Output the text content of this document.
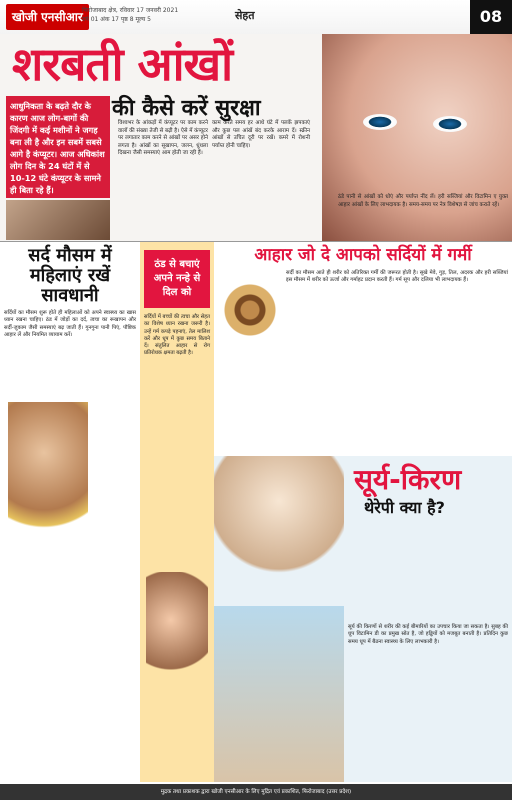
खोजी एनसीआर फिरोजाबाद क्षेत्र, रविवार 17 जनवरी 2021
वर्ष 01 अंक 17 पृष्ठ 8 मूल्य 5	सेहत	08
शरबती आंखों
की कैसे करें सुरक्षा
आधुनिकता के बढ़ते दौर के कारण आज लोग-बागों की जिंदगी में कई मशीनों ने जगह बना ली है और इन सबमें सबसे आगे है कंप्यूटर। आज अधिकांश लोग दिन के 24 घंटों में से 10-12 घंटे कंप्यूटर के सामने ही बिता रहे हैं।
विश्वभर के आंकड़ों में कंप्यूटर पर काम करने वालों की संख्या तेजी से बढ़ी है। ऐसे में कंप्यूटर पर लगातार काम करने से आंखों पर असर होने लगता है। आंखों का सूखापन, जलन, धुंधला दिखना जैसी समस्याएं आम होती जा रही हैं।
काम करते समय हर आधे घंटे में पलकें झपकाएं और कुछ पल आंखें बंद करके आराम दें। स्क्रीन आंखों से उचित दूरी पर रखें। कमरे में रोशनी पर्याप्त होनी चाहिए।
ठंडे पानी से आंखों को धोएं और पर्याप्त नींद लें। हरी सब्जियां और विटामिन ए युक्त आहार आंखों के लिए लाभदायक है। समय-समय पर नेत्र विशेषज्ञ से जांच कराते रहें।
सर्द मौसम में महिलाएं रखें सावधानी
सर्दियों का मौसम शुरू होते ही महिलाओं को अपने स्वास्थ्य का खास ध्यान रखना चाहिए। ठंड में जोड़ों का दर्द, त्वचा का रूखापन और सर्दी-जुकाम जैसी समस्याएं बढ़ जाती हैं। गुनगुना पानी पिएं, पौष्टिक आहार लें और नियमित व्यायाम करें।
ठंड से बचाएं अपने नन्हे से दिल को
सर्दियों में बच्चों की त्वचा और सेहत का विशेष ध्यान रखना जरूरी है। उन्हें गर्म कपड़े पहनाएं, तेल मालिश करें और धूप में कुछ समय बिताने दें। संतुलित आहार से रोग प्रतिरोधक क्षमता बढ़ती है।
आहार जो दे आपको सर्दियों में गर्मी
सर्दी का मौसम आते ही शरीर को अतिरिक्त गर्मी की जरूरत होती है। सूखे मेवे, गुड़, तिल, अदरक और हरी सब्जियां इस मौसम में शरीर को ऊर्जा और गर्माहट प्रदान करती हैं। गर्म सूप और दलिया भी लाभदायक हैं।
सूर्य-किरण
थेरेपी क्या है?
सूर्य की किरणों से शरीर की कई बीमारियों का उपचार किया जा सकता है। सुबह की धूप विटामिन डी का प्रमुख स्रोत है, जो हड्डियों को मजबूत बनाती है। प्रतिदिन कुछ समय धूप में बैठना स्वास्थ्य के लिए लाभकारी है।
मुद्रक तथा प्रकाशक द्वारा खोजी एनसीआर के लिए मुद्रित एवं प्रकाशित, फिरोजाबाद (उत्तर प्रदेश)
